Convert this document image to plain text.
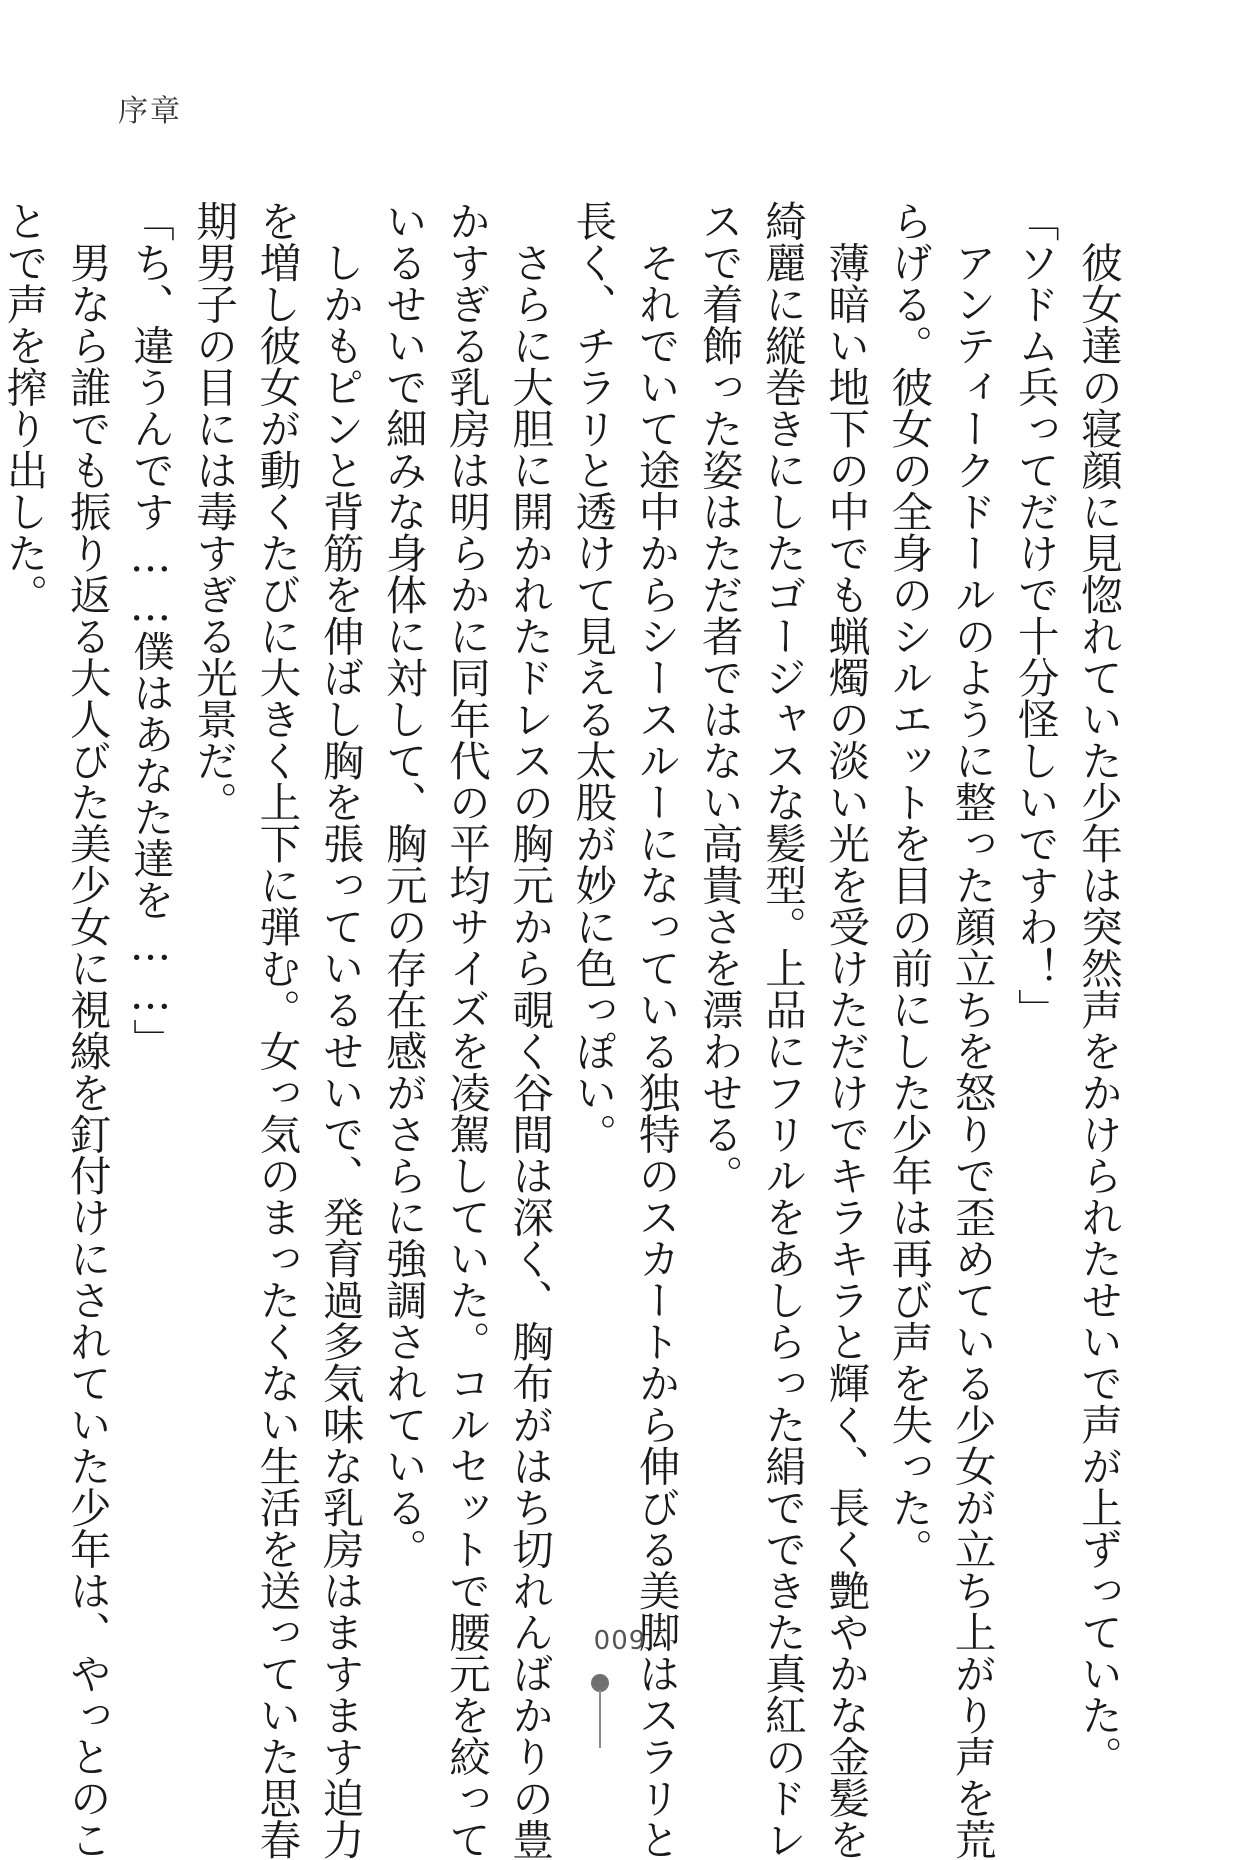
序章
　彼女達の寝顔に見惚れていた少年は突然声をかけられたせいで声が上ずっていた。
「ソドム兵ってだけで十分怪しいですわ！」
　アンティークドールのように整った顔立ちを怒りで歪めている少女が立ち上がり声を荒
らげる。彼女の全身のシルエットを目の前にした少年は再び声を失った。
　薄暗い地下の中でも蝋燭の淡い光を受けただけでキラキラと輝く、長く艶やかな金髪を
綺麗に縦巻きにしたゴージャスな髪型。上品にフリルをあしらった絹でできた真紅のドレ
スで着飾った姿はただ者ではない高貴さを漂わせる。
　それでいて途中からシースルーになっている独特のスカートから伸びる美脚はスラリと
長く、チラリと透けて見える太股が妙に色っぽい。
　さらに大胆に開かれたドレスの胸元から覗く谷間は深く、胸布がはち切れんばかりの豊
かすぎる乳房は明らかに同年代の平均サイズを凌駕していた。コルセットで腰元を絞って
いるせいで細みな身体に対して、胸元の存在感がさらに強調されている。
　しかもピンと背筋を伸ばし胸を張っているせいで、発育過多気味な乳房はますます迫力
を増し彼女が動くたびに大きく上下に弾む。女っ気のまったくない生活を送っていた思春
期男子の目には毒すぎる光景だ。
「ち、違うんです……僕はあなた達を……」
　男なら誰でも振り返る大人びた美少女に視線を釘付けにされていた少年は、やっとのこ
とで声を搾り出した。
009
